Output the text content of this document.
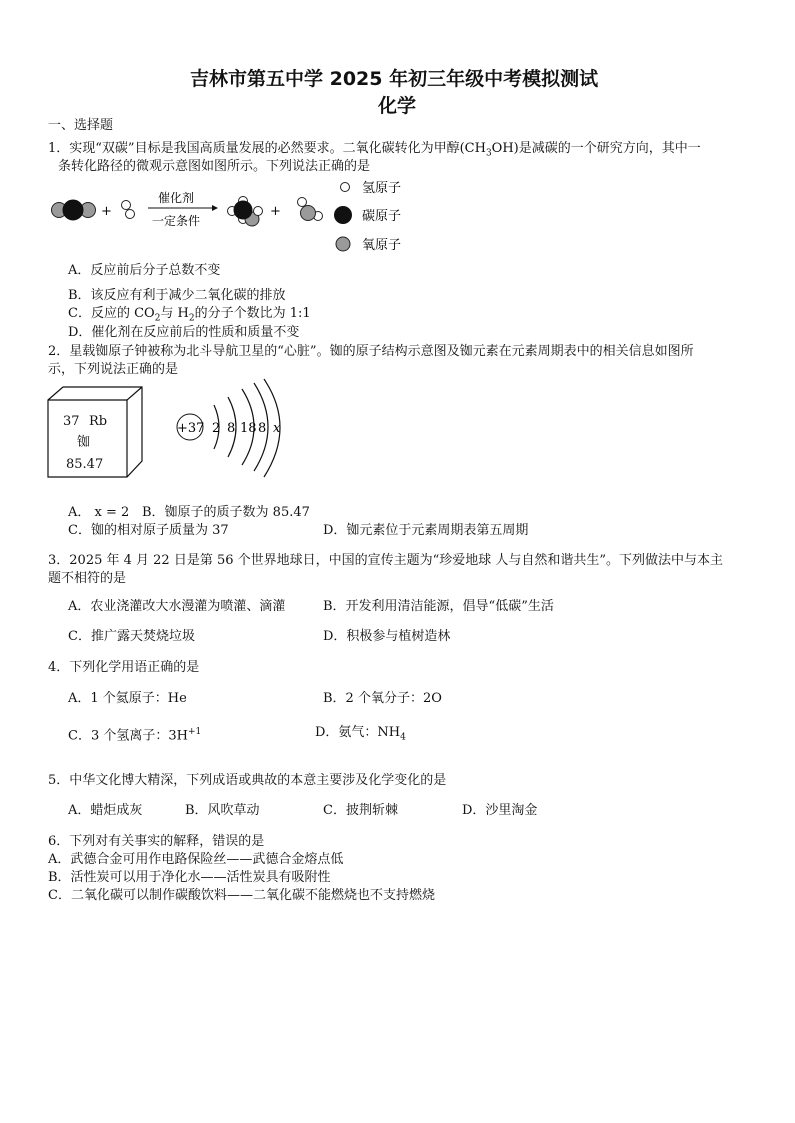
吉林市第五中学 2025 年初三年级中考模拟测试
化学
一、选择题
1．实现“双碳”目标是我国高质量发展的必然要求。二氧化碳转化为甲醇$(CH_3OH)$是减碳的一个研究方向，其中一
条转化路径的微观示意图如图所示。下列说法正确的是
+
催化剂
一定条件
+
氢原子
碳原子
氧原子
A．反应前后分子总数不变
B．该反应有利于减少二氧化碳的排放
C．反应的 $CO_2$与 $H_2$的分子个数比为 1:1
D．催化剂在反应前后的性质和质量不变
2．星载铷原子钟被称为北斗导航卫星的“心脏”。铷的原子结构示意图及铷元素在元素周期表中的相关信息如图所
示，下列说法正确的是
37 Rb
铷
85.47
+37 2 8 18 8 x
A． x = 2 B．铷原子的质子数为 85.47
C．铷的相对原子质量为 37	D．铷元素位于元素周期表第五周期
3．2025 年 4 月 22 日是第 56 个世界地球日，中国的宣传主题为“珍爱地球 人与自然和谐共生”。下列做法中与本主
题不相符的是
A．农业浇灌改大水漫灌为喷灌、滴灌	B．开发利用清洁能源，倡导“低碳”生活
C．推广露天焚烧垃圾	D．积极参与植树造林
4．下列化学用语正确的是
A．1 个氦原子：He	B．2 个氧分子：2O
C．3 个氢离子：$3H^{+1}$	D．氨气：$NH_4$
5．中华文化博大精深，下列成语或典故的本意主要涉及化学变化的是
A．蜡炬成灰	B．风吹草动	C．披荆斩棘	D．沙里淘金
6．下列对有关事实的解释，错误的是
A．武德合金可用作电路保险丝——武德合金熔点低
B．活性炭可以用于净化水——活性炭具有吸附性
C．二氧化碳可以制作碳酸饮料——二氧化碳不能燃烧也不支持燃烧
